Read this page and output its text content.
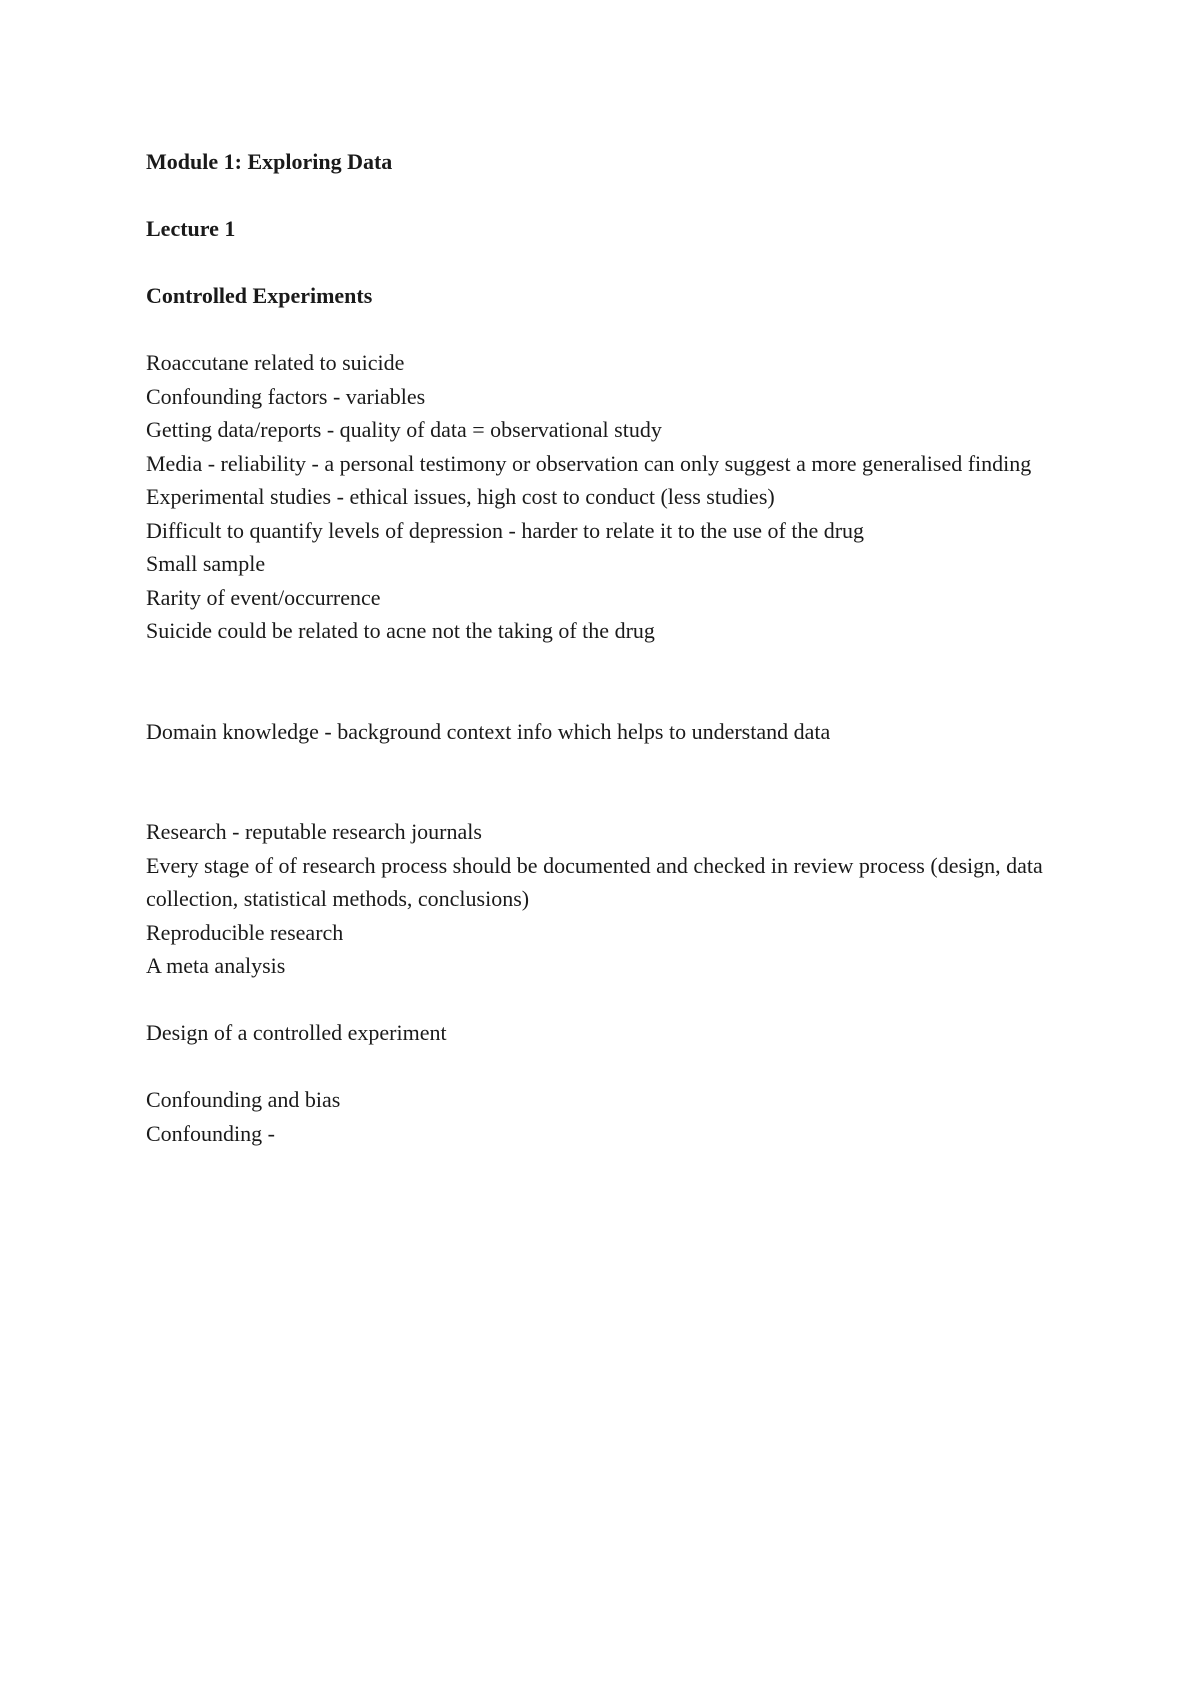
Module 1: Exploring Data

Lecture 1

Controlled Experiments

Roaccutane related to suicide

Confounding factors - variables

Getting data/reports - quality of data = observational study

Media - reliability - a personal testimony or observation can only suggest a more generalised finding

Experimental studies - ethical issues, high cost to conduct (less studies)

Difficult to quantify levels of depression - harder to relate it to the use of the drug

Small sample

Rarity of event/occurrence

Suicide could be related to acne not the taking of the drug

Domain knowledge - background context info which helps to understand data

Research - reputable research journals

Every stage of of research process should be documented and checked in review process (design, data collection, statistical methods, conclusions)

Reproducible research

A meta analysis

Design of a controlled experiment

Confounding and bias

Confounding -
